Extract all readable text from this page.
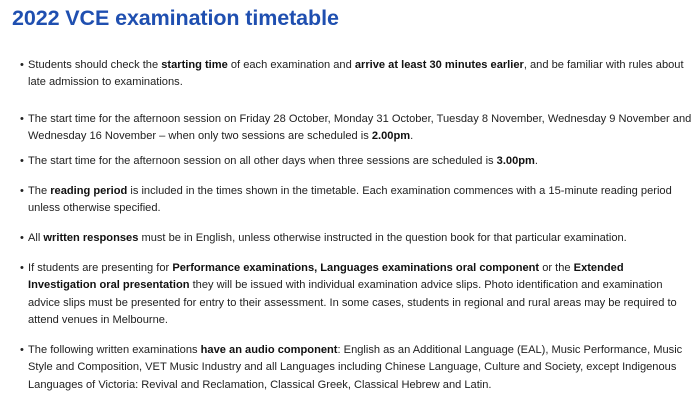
2022 VCE examination timetable
• Students should check the starting time of each examination and arrive at least 30 minutes earlier, and be familiar with rules about late admission to examinations.
• The start time for the afternoon session on Friday 28 October, Monday 31 October, Tuesday 8 November, Wednesday 9 November and Wednesday 16 November – when only two sessions are scheduled is 2.00pm.
• The start time for the afternoon session on all other days when three sessions are scheduled is 3.00pm.
• The reading period is included in the times shown in the timetable. Each examination commences with a 15-minute reading period unless otherwise specified.
• All written responses must be in English, unless otherwise instructed in the question book for that particular examination.
• If students are presenting for Performance examinations, Languages examinations oral component or the Extended Investigation oral presentation they will be issued with individual examination advice slips. Photo identification and examination advice slips must be presented for entry to their assessment. In some cases, students in regional and rural areas may be required to attend venues in Melbourne.
• The following written examinations have an audio component: English as an Additional Language (EAL), Music Performance, Music Style and Composition, VET Music Industry and all Languages including Chinese Language, Culture and Society, except Indigenous Languages of Victoria: Revival and Reclamation, Classical Greek, Classical Hebrew and Latin.
